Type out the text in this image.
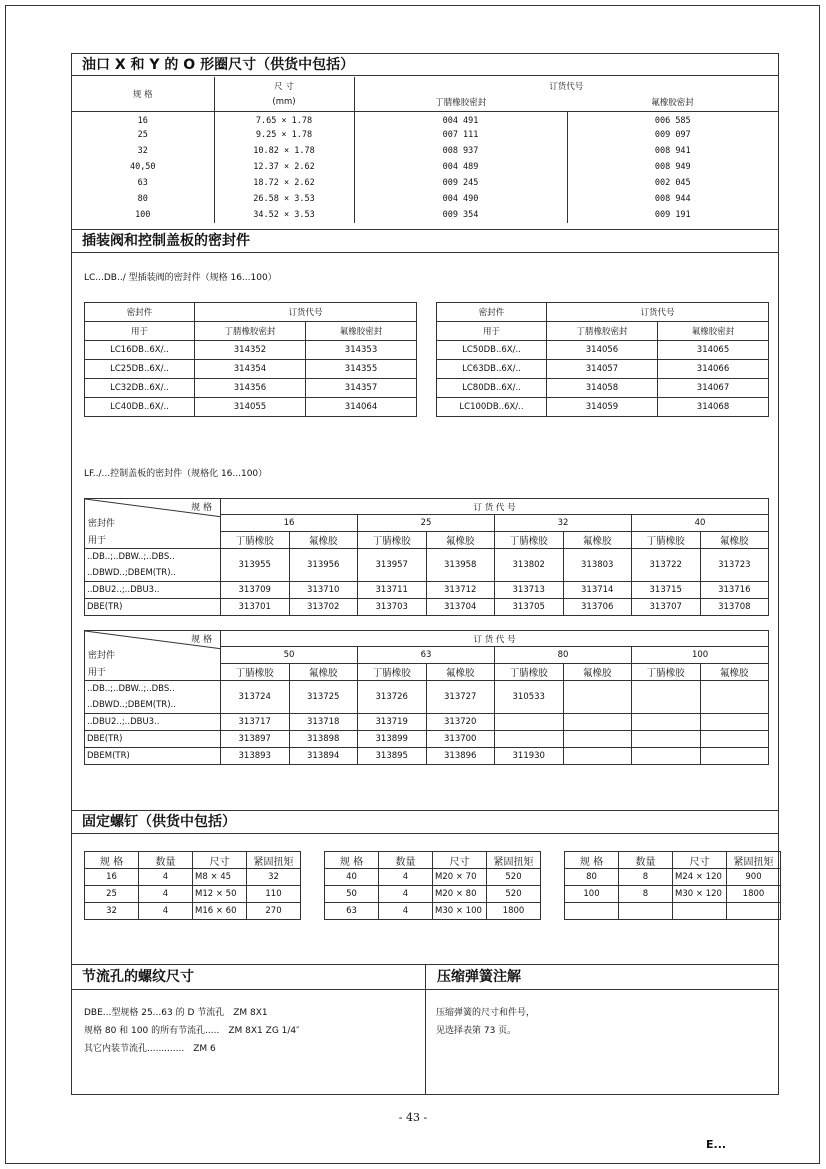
油口 X 和 Y 的 O 形圈尺寸（供货中包括）
规 格	尺 寸	订货代号	
	(mm)	丁腈橡胶密封	氟橡胶密封
16	7.65 × 1.78	004 491	006 585
25	9.25 × 1.78	007 111	009 097
32	10.82 × 1.78	008 937	008 941
40,50	12.37 × 2.62	004 489	008 949
63	18.72 × 2.62	009 245	002 045
80	26.58 × 3.53	004 490	008 944
100	34.52 × 3.53	009 354	009 191
插装阀和控制盖板的密封件
LC...DB../ 型插装阀的密封件（规格 16...100）
密封件	订货代号	
用于	丁腈橡胶密封	氟橡胶密封
LC16DB..6X/..	314352	314353
LC25DB..6X/..	314354	314355
LC32DB..6X/..	314356	314357
LC40DB..6X/..	314055	314064
密封件	订货代号	
用于	丁腈橡胶密封	氟橡胶密封
LC50DB..6X/..	314056	314065
LC63DB..6X/..	314057	314066
LC80DB..6X/..	314058	314067
LC100DB..6X/..	314059	314068
LF../...控制盖板的密封件（规格化 16...100）
规 格
密封件
用于	订 货 代 号							
	16		25		32		40	
	丁腈橡胶	氟橡胶	丁腈橡胶	氟橡胶	丁腈橡胶	氟橡胶	丁腈橡胶	氟橡胶

..DB..;..DBW..;..DBS..
..DBWD..;DBEM(TR)..	313955	313956	313957	313958	313802	313803	313722	313723

..DBU2..;..DBU3..	313709	313710	313711	313712	313713	313714	313715	313716

DBE(TR)	313701	313702	313703	313704	313705	313706	313707	313708
规 格
密封件
用于	订 货 代 号							
	50		63		80		100	
	丁腈橡胶	氟橡胶	丁腈橡胶	氟橡胶	丁腈橡胶	氟橡胶	丁腈橡胶	氟橡胶

..DB..;..DBW..;..DBS..
..DBWD..;DBEM(TR)..	313724	313725	313726	313727	310533			

..DBU2..;..DBU3..	313717	313718	313719	313720				

DBE(TR)	313897	313898	313899	313700				

DBEM(TR)	313893	313894	313895	313896	311930			
固定螺钉（供货中包括）
规 格	数量	尺寸	紧固扭矩
16	4	M8 × 45	32
25	4	M12 × 50	110
32	4	M16 × 60	270
规 格	数量	尺寸	紧固扭矩
40	4	M20 × 70	520
50	4	M20 × 80	520
63	4	M30 × 100	1800
规 格	数量	尺寸	紧固扭矩
80	8	M24 × 120	900
100	8	M30 × 120	1800

节流孔的螺纹尺寸	压缩弹簧注解
DBE...型规格 25...63 的 D 节流孔　ZM 8X1
规格 80 和 100 的所有节流孔.....　ZM 8X1 ZG 1/4″
其它内装节流孔.............　ZM 6
压缩弹簧的尺寸和件号，
见选择表第 73 页。
- 43 -
E...
